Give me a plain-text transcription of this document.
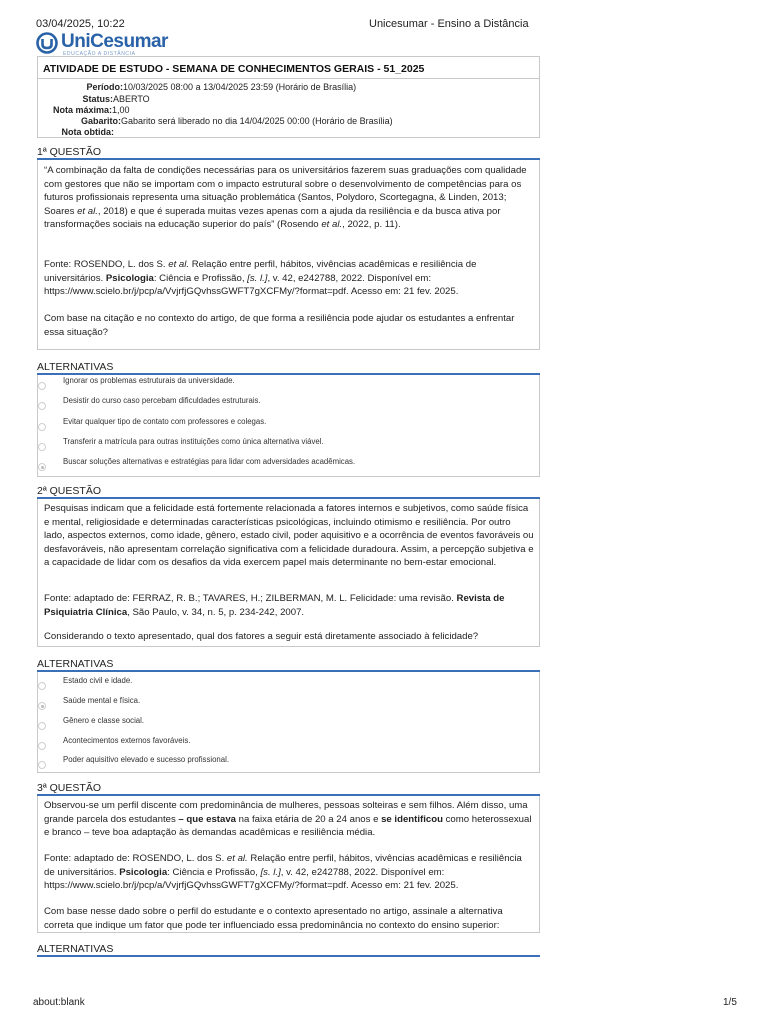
03/04/2025, 10:22	Unicesumar - Ensino a Distância
UniCesumar
EDUCAÇÃO A DISTÂNCIA
ATIVIDADE DE ESTUDO - SEMANA DE CONHECIMENTOS GERAIS - 51_2025
Período:10/03/2025 08:00 a 13/04/2025 23:59 (Horário de Brasília)
Status:ABERTO
Nota máxima:1,00
Gabarito:Gabarito será liberado no dia 14/04/2025 00:00 (Horário de Brasília)
Nota obtida:
1ª QUESTÃO

“A combinação da falta de condições necessárias para os universitários fazerem suas graduações com qualidade com gestores que não se importam com o impacto estrutural sobre o desenvolvimento de competências para os futuros profissionais representa uma situação problemática (Santos, Polydoro, Scortegagna, & Linden, 2013; Soares et al., 2018) e que é superada muitas vezes apenas com a ajuda da resiliência e da busca ativa por transformações sociais na educação superior do país” (Rosendo et al., 2022, p. 11).

Fonte: ROSENDO, L. dos S. et al. Relação entre perfil, hábitos, vivências acadêmicas e resiliência de universitários. Psicologia: Ciência e Profissão, [s. l.], v. 42, e242788, 2022. Disponível em: https://www.scielo.br/j/pcp/a/VvjrfjGQvhssGWFT7gXCFMy/?format=pdf. Acesso em: 21 fev. 2025.

Com base na citação e no contexto do artigo, de que forma a resiliência pode ajudar os estudantes a enfrentar essa situação?

ALTERNATIVAS
Ignorar os problemas estruturais da universidade.
Desistir do curso caso percebam dificuldades estruturais.
Evitar qualquer tipo de contato com professores e colegas.
Transferir a matrícula para outras instituições como única alternativa viável.
Buscar soluções alternativas e estratégias para lidar com adversidades acadêmicas.
2ª QUESTÃO

Pesquisas indicam que a felicidade está fortemente relacionada a fatores internos e subjetivos, como saúde física e mental, religiosidade e determinadas características psicológicas, incluindo otimismo e resiliência. Por outro lado, aspectos externos, como idade, gênero, estado civil, poder aquisitivo e a ocorrência de eventos favoráveis ou desfavoráveis, não apresentam correlação significativa com a felicidade duradoura. Assim, a percepção subjetiva e a capacidade de lidar com os desafios da vida exercem papel mais determinante no bem-estar emocional.

Fonte: adaptado de: FERRAZ, R. B.; TAVARES, H.; ZILBERMAN, M. L. Felicidade: uma revisão. Revista de Psiquiatria Clínica, São Paulo, v. 34, n. 5, p. 234-242, 2007.

Considerando o texto apresentado, qual dos fatores a seguir está diretamente associado à felicidade?

ALTERNATIVAS
Estado civil e idade.
Saúde mental e física.
Gênero e classe social.
Acontecimentos externos favoráveis.
Poder aquisitivo elevado e sucesso profissional.
3ª QUESTÃO

Observou-se um perfil discente com predominância de mulheres, pessoas solteiras e sem filhos. Além disso, uma grande parcela dos estudantes – que estava na faixa etária de 20 a 24 anos e se identificou como heterossexual e branco – teve boa adaptação às demandas acadêmicas e resiliência média.

Fonte: adaptado de: ROSENDO, L. dos S. et al. Relação entre perfil, hábitos, vivências acadêmicas e resiliência de universitários. Psicologia: Ciência e Profissão, [s. l.], v. 42, e242788, 2022. Disponível em: https://www.scielo.br/j/pcp/a/VvjrfjGQvhssGWFT7gXCFMy/?format=pdf. Acesso em: 21 fev. 2025.

Com base nesse dado sobre o perfil do estudante e o contexto apresentado no artigo, assinale a alternativa correta que indique um fator que pode ter influenciado essa predominância no contexto do ensino superior:

ALTERNATIVAS
about:blank	1/5
